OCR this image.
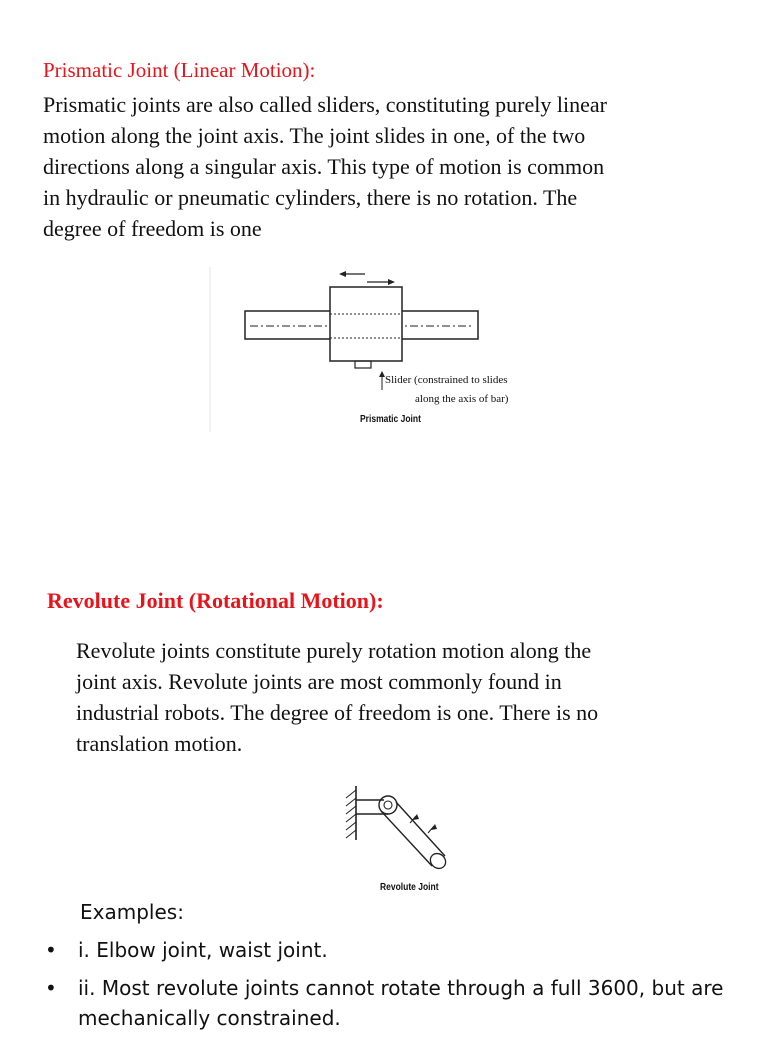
Prismatic Joint (Linear Motion):
Prismatic joints are also called sliders, constituting purely linear
motion along the joint axis. The joint slides in one, of the two
directions along a singular axis. This type of motion is common
in hydraulic or pneumatic cylinders, there is no rotation. The
degree of freedom is one
Slider (constrained to slides
along the axis of bar)
Prismatic Joint
Revolute Joint (Rotational Motion):
Revolute joints constitute purely rotation motion along the
joint axis. Revolute joints are most commonly found in
industrial robots. The degree of freedom is one. There is no
translation motion.
Revolute Joint
Examples:
• i. Elbow joint, waist joint.
• ii. Most revolute joints cannot rotate through a full 3600, but are mechanically constrained.
